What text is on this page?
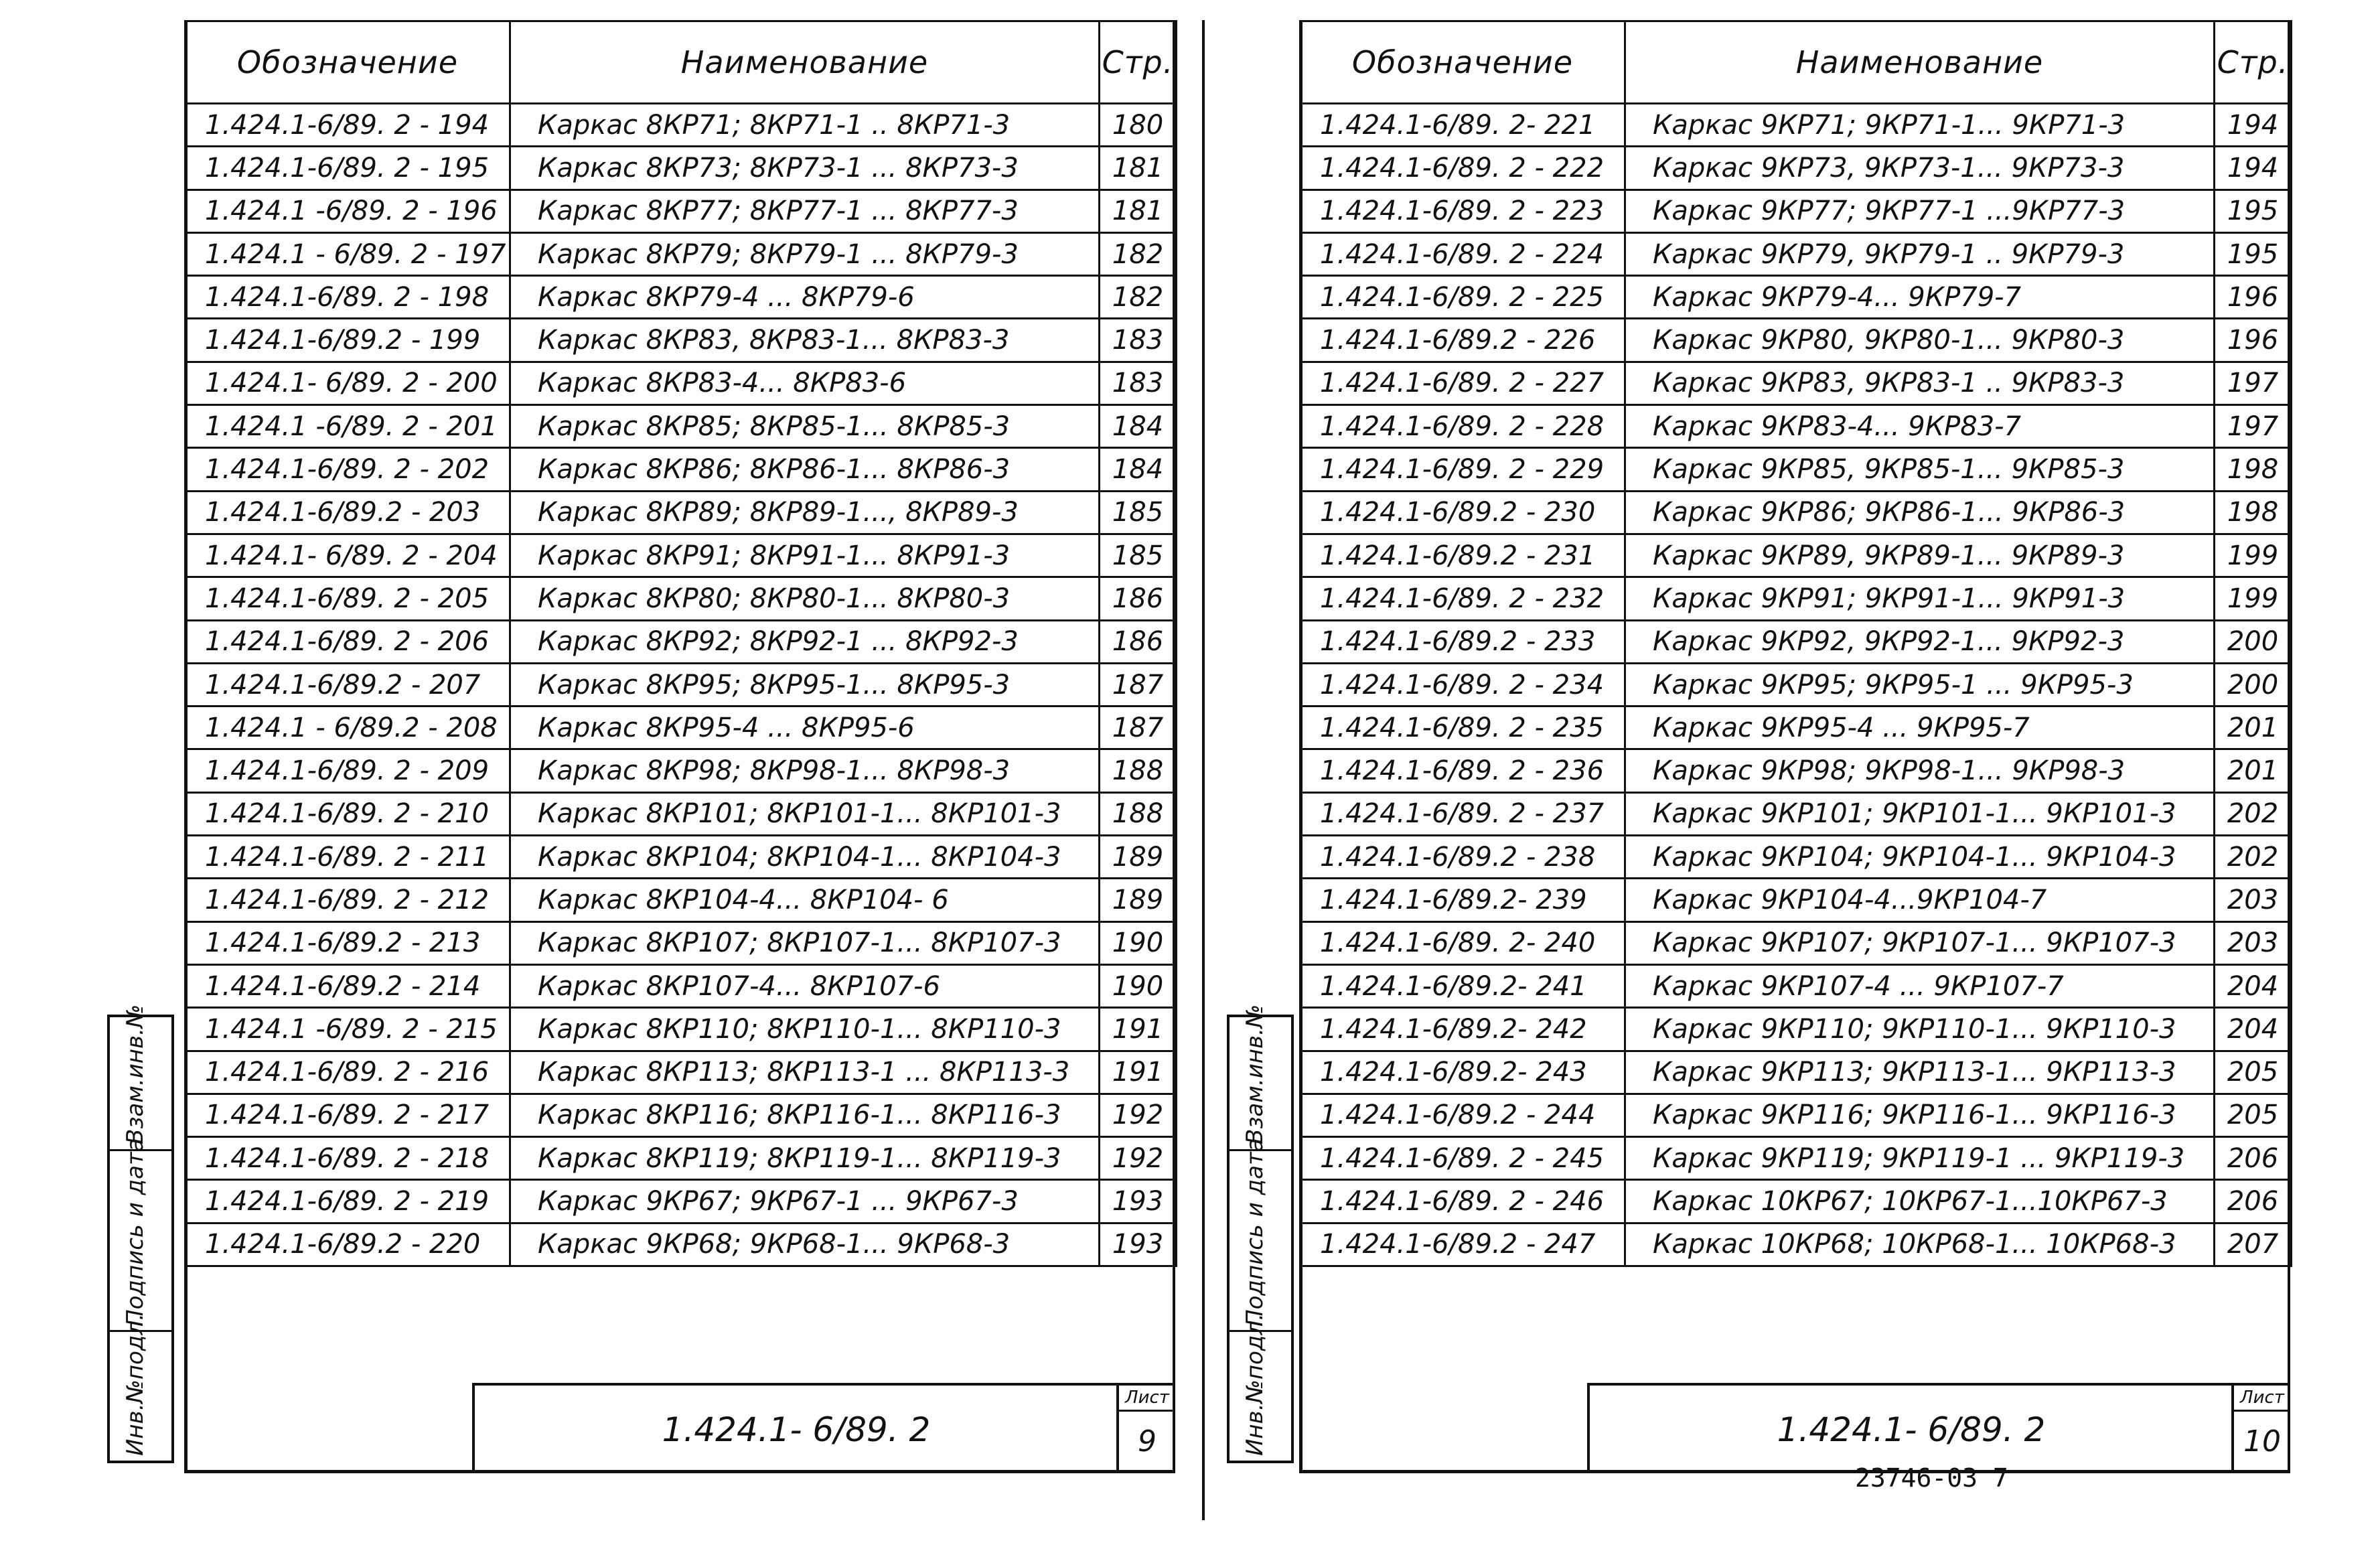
Обозначение	Наименование	Стр.
1.424.1-6/89. 2 - 194	Каркас 8КР71; 8КР71-1 .. 8КР71-3	180
1.424.1-6/89. 2 - 195	Каркас 8КР73; 8КР73-1 ... 8КР73-3	181
1.424.1 -6/89. 2 - 196	Каркас 8КР77; 8КР77-1 ... 8КР77-3	181
1.424.1 - 6/89. 2 - 197	Каркас 8КР79; 8КР79-1 ... 8КР79-3	182
1.424.1-6/89. 2 - 198	Каркас 8КР79-4 ... 8КР79-6	182
1.424.1-6/89.2 - 199	Каркас 8КР83, 8КР83-1... 8КР83-3	183
1.424.1- 6/89. 2 - 200	Каркас 8КР83-4... 8КР83-6	183
1.424.1 -6/89. 2 - 201	Каркас 8КР85; 8КР85-1... 8КР85-3	184
1.424.1-6/89. 2 - 202	Каркас 8КР86; 8КР86-1... 8КР86-3	184
1.424.1-6/89.2 - 203	Каркас 8КР89; 8КР89-1..., 8КР89-3	185
1.424.1- 6/89. 2 - 204	Каркас 8КР91; 8КР91-1... 8КР91-3	185
1.424.1-6/89. 2 - 205	Каркас 8КР80; 8КР80-1... 8КР80-3	186
1.424.1-6/89. 2 - 206	Каркас 8КР92; 8КР92-1 ... 8КР92-3	186
1.424.1-6/89.2 - 207	Каркас 8КР95; 8КР95-1... 8КР95-3	187
1.424.1 - 6/89.2 - 208	Каркас 8КР95-4 ... 8КР95-6	187
1.424.1-6/89. 2 - 209	Каркас 8КР98; 8КР98-1... 8КР98-3	188
1.424.1-6/89. 2 - 210	Каркас 8КР101; 8КР101-1... 8КР101-3	188
1.424.1-6/89. 2 - 211	Каркас 8КР104; 8КР104-1... 8КР104-3	189
1.424.1-6/89. 2 - 212	Каркас 8КР104-4... 8КР104- 6	189
1.424.1-6/89.2 - 213	Каркас 8КР107; 8КР107-1... 8КР107-3	190
1.424.1-6/89.2 - 214	Каркас 8КР107-4... 8КР107-6	190
1.424.1 -6/89. 2 - 215	Каркас 8КР110; 8КР110-1... 8КР110-3	191
1.424.1-6/89. 2 - 216	Каркас 8КР113; 8КР113-1 ... 8КР113-3	191
1.424.1-6/89. 2 - 217	Каркас 8КР116; 8КР116-1... 8КР116-3	192
1.424.1-6/89. 2 - 218	Каркас 8КР119; 8КР119-1... 8КР119-3	192
1.424.1-6/89. 2 - 219	Каркас 9КР67; 9КР67-1 ... 9КР67-3	193
1.424.1-6/89.2 - 220	Каркас 9КР68; 9КР68-1... 9КР68-3	193
1.424.1- 6/89. 2
Лист
9
Взам.инв.№
Подпись и дата
Инв.№подл.
Обозначение	Наименование	Стр.
1.424.1-6/89. 2- 221	Каркас 9КР71; 9КР71-1... 9КР71-3	194
1.424.1-6/89. 2 - 222	Каркас 9КР73, 9КР73-1... 9КР73-3	194
1.424.1-6/89. 2 - 223	Каркас 9КР77; 9КР77-1 ...9КР77-3	195
1.424.1-6/89. 2 - 224	Каркас 9КР79, 9КР79-1 .. 9КР79-3	195
1.424.1-6/89. 2 - 225	Каркас 9КР79-4... 9КР79-7	196
1.424.1-6/89.2 - 226	Каркас 9КР80, 9КР80-1... 9КР80-3	196
1.424.1-6/89. 2 - 227	Каркас 9КР83, 9КР83-1 .. 9КР83-3	197
1.424.1-6/89. 2 - 228	Каркас 9КР83-4... 9КР83-7	197
1.424.1-6/89. 2 - 229	Каркас 9КР85, 9КР85-1... 9КР85-3	198
1.424.1-6/89.2 - 230	Каркас 9КР86; 9КР86-1... 9КР86-3	198
1.424.1-6/89.2 - 231	Каркас 9КР89, 9КР89-1... 9КР89-3	199
1.424.1-6/89. 2 - 232	Каркас 9КР91; 9КР91-1... 9КР91-3	199
1.424.1-6/89.2 - 233	Каркас 9КР92, 9КР92-1... 9КР92-3	200
1.424.1-6/89. 2 - 234	Каркас 9КР95; 9КР95-1 ... 9КР95-3	200
1.424.1-6/89. 2 - 235	Каркас 9КР95-4 ... 9КР95-7	201
1.424.1-6/89. 2 - 236	Каркас 9КР98; 9КР98-1... 9КР98-3	201
1.424.1-6/89. 2 - 237	Каркас 9КР101; 9КР101-1... 9КР101-3	202
1.424.1-6/89.2 - 238	Каркас 9КР104; 9КР104-1... 9КР104-3	202
1.424.1-6/89.2- 239	Каркас 9КР104-4...9КР104-7	203
1.424.1-6/89. 2- 240	Каркас 9КР107; 9КР107-1... 9КР107-3	203
1.424.1-6/89.2- 241	Каркас 9КР107-4 ... 9КР107-7	204
1.424.1-6/89.2- 242	Каркас 9КР110; 9КР110-1... 9КР110-3	204
1.424.1-6/89.2- 243	Каркас 9КР113; 9КР113-1... 9КР113-3	205
1.424.1-6/89.2 - 244	Каркас 9КР116; 9КР116-1... 9КР116-3	205
1.424.1-6/89. 2 - 245	Каркас 9КР119; 9КР119-1 ... 9КР119-3	206
1.424.1-6/89. 2 - 246	Каркас 10КР67; 10КР67-1...10КР67-3	206
1.424.1-6/89.2 - 247	Каркас 10КР68; 10КР68-1... 10КР68-3	207
1.424.1- 6/89. 2
Лист
10
Взам.инв.№
Подпись и дата
Инв.№подл.
23746-03 7
